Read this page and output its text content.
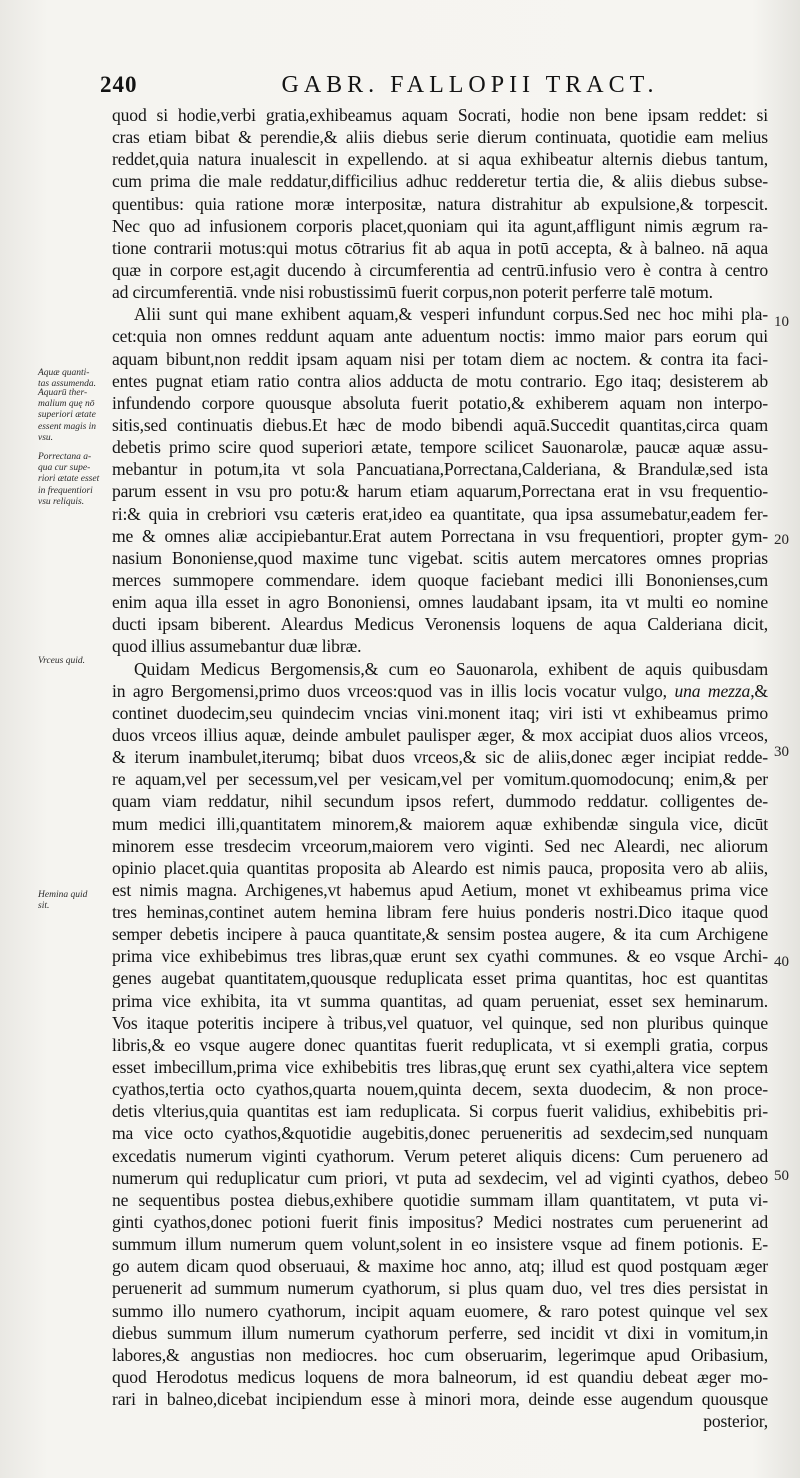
240	GABR. FALLOPII TRACT.
quod si hodie,verbi gratia,exhibeamus aquam Socrati, hodie non bene ipsam reddet: si
cras etiam bibat & perendie,& aliis diebus serie dierum continuata, quotidie eam melius
reddet,quia natura inualescit in expellendo. at si aqua exhibeatur alternis diebus tantum,
cum prima die male reddatur,difficilius adhuc redderetur tertia die, & aliis diebus subse-
quentibus: quia ratione moræ interpositæ, natura distrahitur ab expulsione,& torpescit.
Nec quo ad infusionem corporis placet,quoniam qui ita agunt,affligunt nimis ægrum ra-
tione contrarii motus:qui motus cōtrarius fit ab aqua in potū accepta, & à balneo. nā aqua
quæ in corpore est,agit ducendo à circumferentia ad centrū.infusio vero è contra à centro
ad circumferentiā. vnde nisi robustissimū fuerit corpus,non poterit perferre talē motum.
Alii sunt qui mane exhibent aquam,& vesperi infundunt corpus.Sed nec hoc mihi pla-
cet:quia non omnes reddunt aquam ante aduentum noctis: immo maior pars eorum qui
aquam bibunt,non reddit ipsam aquam nisi per totam diem ac noctem. & contra ita faci-
entes pugnat etiam ratio contra alios adducta de motu contrario. Ego itaq; desisterem ab
infundendo corpore quousque absoluta fuerit potatio,& exhiberem aquam non interpo-
sitis,sed continuatis diebus.Et hæc de modo bibendi aquā.Succedit quantitas,circa quam
debetis primo scire quod superiori ætate, tempore scilicet Sauonarolæ, paucæ aquæ assu-
mebantur in potum,ita vt sola Pancuatiana,Porrectana,Calderiana, & Brandulæ,sed ista
parum essent in vsu pro potu:& harum etiam aquarum,Porrectana erat in vsu frequentio-
ri:& quia in crebriori vsu cæteris erat,ideo ea quantitate, qua ipsa assumebatur,eadem fer-
me & omnes aliæ accipiebantur.Erat autem Porrectana in vsu frequentiori, propter gym-
nasium Bononiense,quod maxime tunc vigebat. scitis autem mercatores omnes proprias
merces summopere commendare. idem quoque faciebant medici illi Bononienses,cum
enim aqua illa esset in agro Bononiensi, omnes laudabant ipsam, ita vt multi eo nomine
ducti ipsam biberent. Aleardus Medicus Veronensis loquens de aqua Calderiana dicit,
quod illius assumebantur duæ libræ.
Quidam Medicus Bergomensis,& cum eo Sauonarola, exhibent de aquis quibusdam
in agro Bergomensi,primo duos vrceos:quod vas in illis locis vocatur vulgo, una mezza,&
continet duodecim,seu quindecim vncias vini.monent itaq; viri isti vt exhibeamus primo
duos vrceos illius aquæ, deinde ambulet paulisper æger, & mox accipiat duos alios vrceos,
& iterum inambulet,iterumq; bibat duos vrceos,& sic de aliis,donec æger incipiat redde-
re aquam,vel per secessum,vel per vesicam,vel per vomitum.quomodocunq; enim,& per
quam viam reddatur, nihil secundum ipsos refert, dummodo reddatur. colligentes de-
mum medici illi,quantitatem minorem,& maiorem aquæ exhibendæ singula vice, dicūt
minorem esse tresdecim vrceorum,maiorem vero viginti. Sed nec Aleardi, nec aliorum
opinio placet.quia quantitas proposita ab Aleardo est nimis pauca, proposita vero ab aliis,
est nimis magna. Archigenes,vt habemus apud Aetium, monet vt exhibeamus prima vice
tres heminas,continet autem hemina libram fere huius ponderis nostri.Dico itaque quod
semper debetis incipere à pauca quantitate,& sensim postea augere, & ita cum Archigene
prima vice exhibebimus tres libras,quæ erunt sex cyathi communes. & eo vsque Archi-
genes augebat quantitatem,quousque reduplicata esset prima quantitas, hoc est quantitas
prima vice exhibita, ita vt summa quantitas, ad quam perueniat, esset sex heminarum.
Vos itaque poteritis incipere à tribus,vel quatuor, vel quinque, sed non pluribus quinque
libris,& eo vsque augere donec quantitas fuerit reduplicata, vt si exempli gratia, corpus
esset imbecillum,prima vice exhibebitis tres libras,quę erunt sex cyathi,altera vice septem
cyathos,tertia octo cyathos,quarta nouem,quinta decem, sexta duodecim, & non proce-
detis vlterius,quia quantitas est iam reduplicata. Si corpus fuerit validius, exhibebitis pri-
ma vice octo cyathos,&quotidie augebitis,donec perueneritis ad sexdecim,sed nunquam
excedatis numerum viginti cyathorum. Verum peteret aliquis dicens: Cum peruenero ad
numerum qui reduplicatur cum priori, vt puta ad sexdecim, vel ad viginti cyathos, debeo
ne sequentibus postea diebus,exhibere quotidie summam illam quantitatem, vt puta vi-
ginti cyathos,donec potioni fuerit finis impositus? Medici nostrates cum peruenerint ad
summum illum numerum quem volunt,solent in eo insistere vsque ad finem potionis. E-
go autem dicam quod obseruaui, & maxime hoc anno, atq; illud est quod postquam æger
peruenerit ad summum numerum cyathorum, si plus quam duo, vel tres dies persistat in
summo illo numero cyathorum, incipit aquam euomere, & raro potest quinque vel sex
diebus summum illum numerum cyathorum perferre, sed incidit vt dixi in vomitum,in
labores,& angustias non mediocres. hoc cum obseruarim, legerimque apud Oribasium,
quod Herodotus medicus loquens de mora balneorum, id est quandiu debeat æger mo-
rari in balneo,dicebat incipiendum esse à minori mora, deinde esse augendum quousque
posterior,
Aquæ quanti-
tas assumenda.
Aquarū ther-
malium quę nō
superiori ætate
essent magis in
vsu.
Porrectana a-
qua cur supe-
riori ætate esset
in frequentiori
vsu reliquis.
Vrceus quid.
Hemina quid
sit.
10
20
30
40
50
